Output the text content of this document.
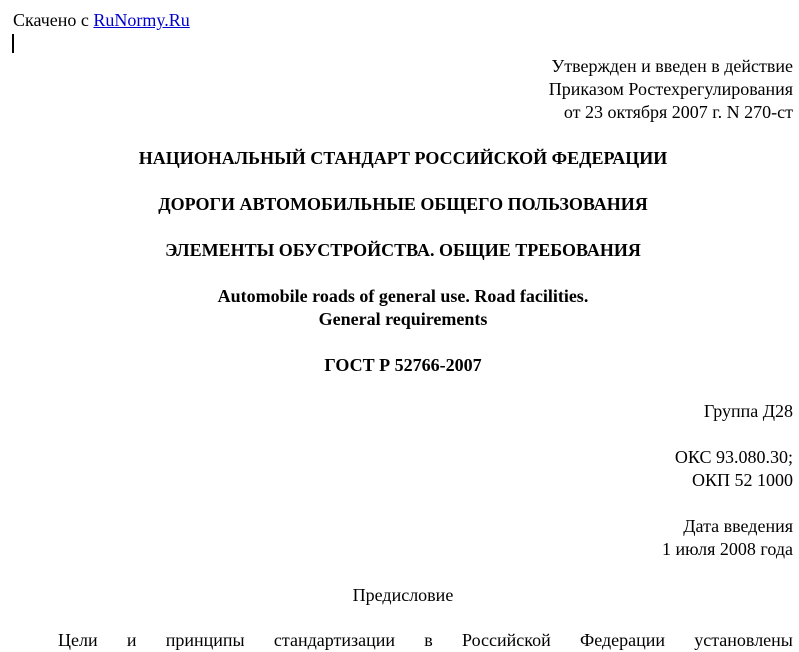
Скачено с RuNormy.Ru
Утвержден и введен в действие
Приказом Ростехрегулирования
от 23 октября 2007 г. N 270-ст
НАЦИОНАЛЬНЫЙ СТАНДАРТ РОССИЙСКОЙ ФЕДЕРАЦИИ
ДОРОГИ АВТОМОБИЛЬНЫЕ ОБЩЕГО ПОЛЬЗОВАНИЯ
ЭЛЕМЕНТЫ ОБУСТРОЙСТВА. ОБЩИЕ ТРЕБОВАНИЯ
Automobile roads of general use. Road facilities.
General requirements
ГОСТ Р 52766-2007
Группа Д28
ОКС 93.080.30;
ОКП 52 1000
Дата введения
1 июля 2008 года
Предисловие
Цели и принципы стандартизации в Российской Федерации установлены
